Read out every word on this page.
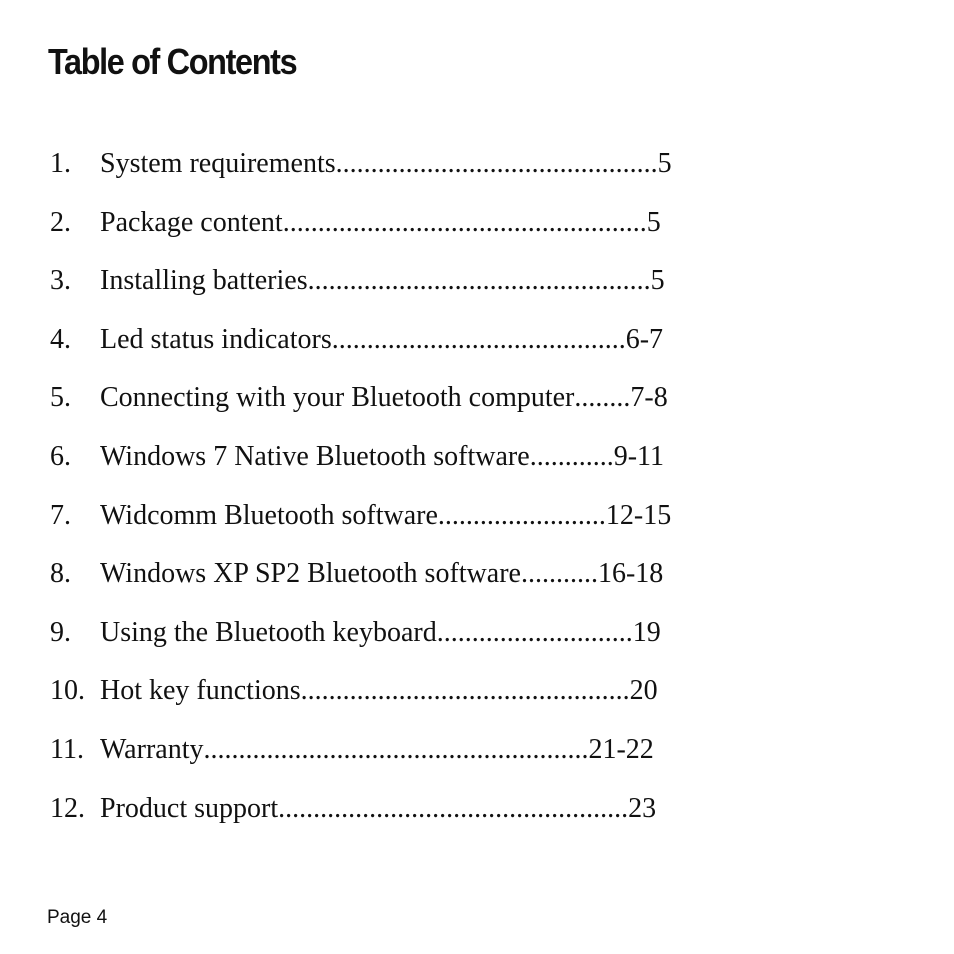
Table of Contents
1.	System requirements .............................................. 5
2.	Package content .................................................... 5
3.	Installing batteries ................................................. 5
4.	Led status indicators .......................................... 6-7
5.	Connecting with your Bluetooth computer ........ 7-8
6.	Windows 7 Native Bluetooth software ............ 9-11
7.	Widcomm Bluetooth software ........................ 12-15
8.	Windows XP SP2 Bluetooth software ........... 16-18
9.	Using the Bluetooth keyboard ............................ 19
10. Hot key functions ............................................... 20
11. Warranty ....................................................... 21-22
12. Product support .................................................. 23
Page 4
